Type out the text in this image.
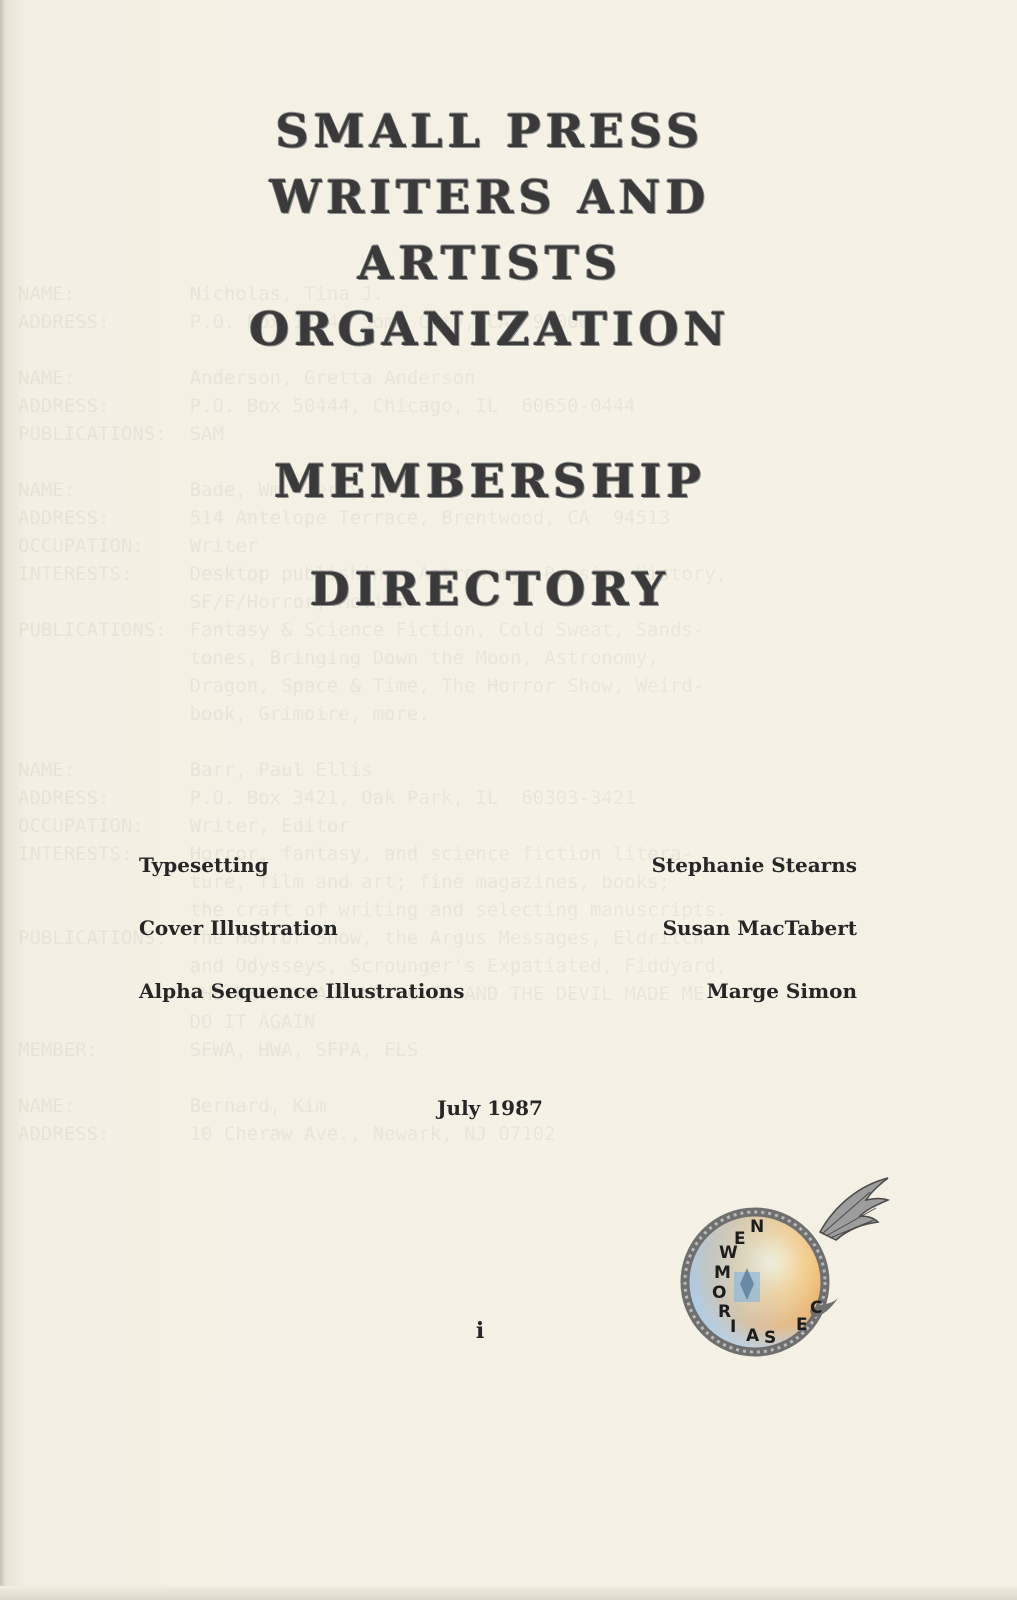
SMALL PRESS
WRITERS AND
ARTISTS
ORGANIZATION
MEMBERSHIP
DIRECTORY
Typesetting	Stephanie Stearns
Cover Illustration	Susan MacTabert
Alpha Sequence Illustrations	Marge Simon
July 1987
i
N
E
W
M
O
R
I A S
E
C
